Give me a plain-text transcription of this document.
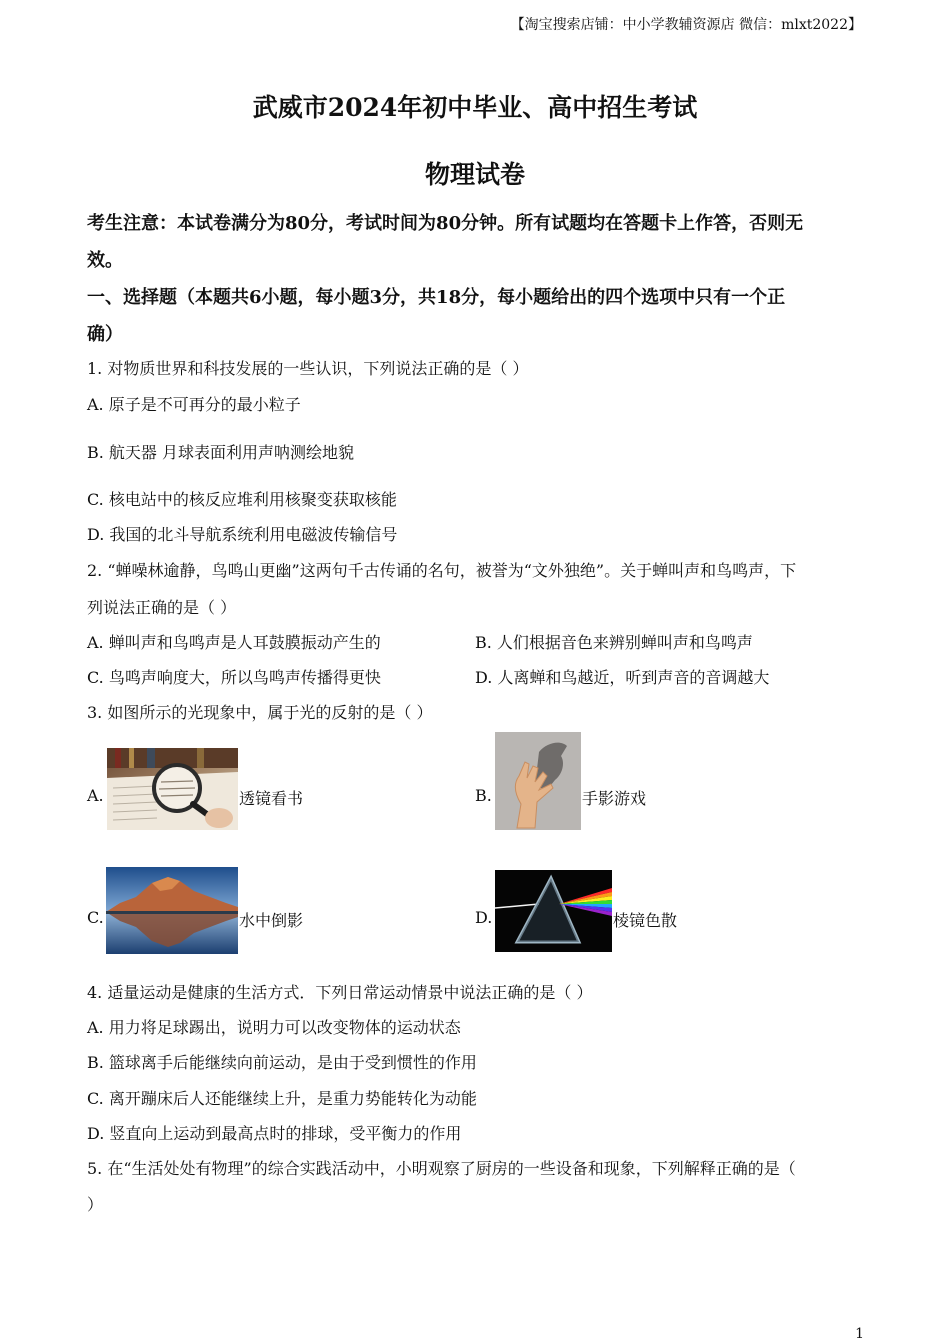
【淘宝搜索店铺：中小学教辅资源店 微信：mlxt2022】
武威市2024年初中毕业、高中招生考试
物理试卷
考生注意：本试卷满分为80分，考试时间为80分钟。所有试题均在答题卡上作答，否则无
效。
一、选择题（本题共6小题，每小题3分，共18分，每小题给出的四个选项中只有一个正
确）
1. 对物质世界和科技发展的一些认识，下列说法正确的是（ ）
A. 原子是不可再分的最小粒子
B. 航天器 月球表面利用声呐测绘地貌
C. 核电站中的核反应堆利用核聚变获取核能
D. 我国的北斗导航系统利用电磁波传输信号
2. “蝉噪林逾静，鸟鸣山更幽”这两句千古传诵的名句，被誉为“文外独绝”。关于蝉叫声和鸟鸣声，下
列说法正确的是（ ）
A. 蝉叫声和鸟鸣声是人耳鼓膜振动产生的	B. 人们根据音色来辨别蝉叫声和鸟鸣声
C. 鸟鸣声响度大，所以鸟鸣声传播得更快	D. 人离蝉和鸟越近，听到声音的音调越大
3. 如图所示的光现象中，属于光的反射的是（ ）
A.	透镜看书	B.	手影游戏
C.	水中倒影	D.	棱镜色散
4. 适量运动是健康的生活方式．下列日常运动情景中说法正确的是（ ）
A. 用力将足球踢出，说明力可以改变物体的运动状态
B. 篮球离手后能继续向前运动，是由于受到惯性的作用
C. 离开蹦床后人还能继续上升，是重力势能转化为动能
D. 竖直向上运动到最高点时的排球，受平衡力的作用
5. 在“生活处处有物理”的综合实践活动中，小明观察了厨房的一些设备和现象，下列解释正确的是（
）
1
